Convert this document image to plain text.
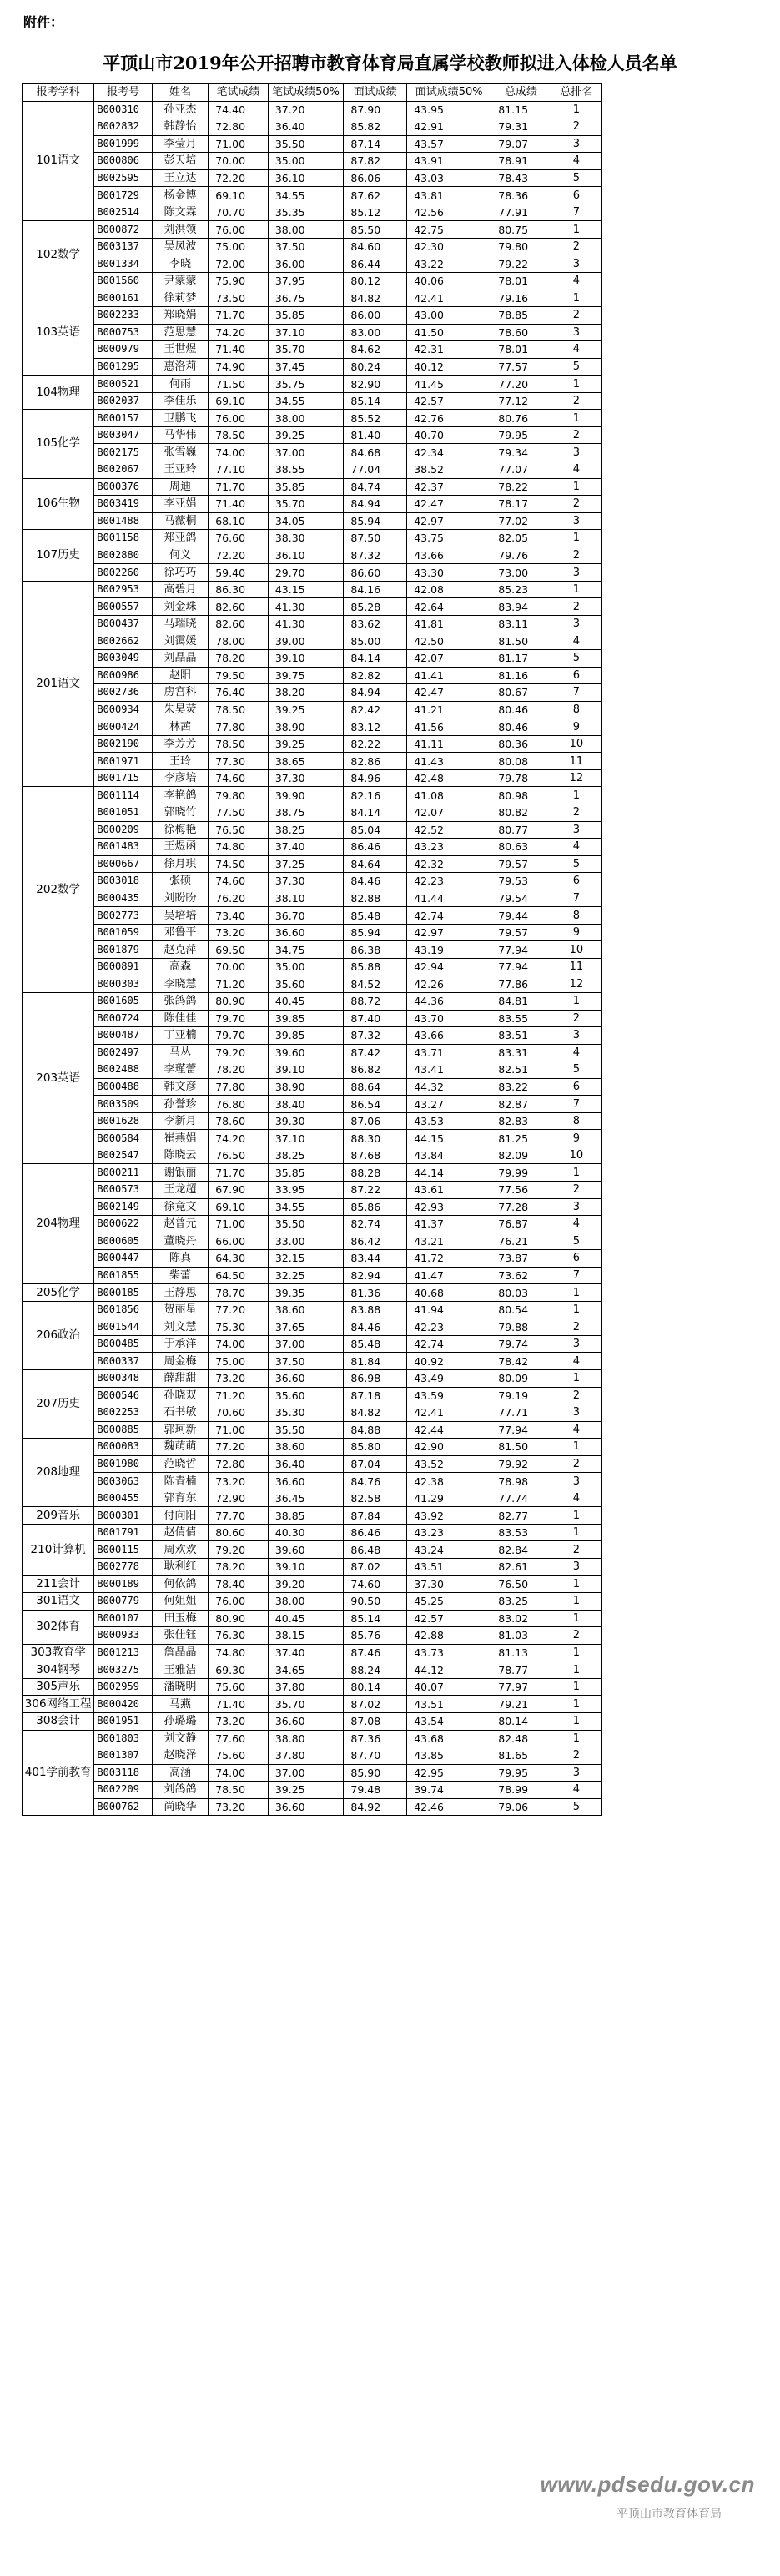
附件：
平顶山市2019年公开招聘市教育体育局直属学校教师拟进入体检人员名单
报考学科	报考号	姓名	笔试成绩	笔试成绩50%	面试成绩	面试成绩50%	总成绩	总排名
101语文	B000310	孙亚杰	74.40	37.20	87.90	43.95	81.15	1
	B002832	韩静怡	72.80	36.40	85.82	42.91	79.31	2
	B001999	李莹月	71.00	35.50	87.14	43.57	79.07	3
	B000806	彭天培	70.00	35.00	87.82	43.91	78.91	4
	B002595	王立达	72.20	36.10	86.06	43.03	78.43	5
	B001729	杨金博	69.10	34.55	87.62	43.81	78.36	6
	B002514	陈文霖	70.70	35.35	85.12	42.56	77.91	7
102数学	B000872	刘洪领	76.00	38.00	85.50	42.75	80.75	1
	B003137	吴凤波	75.00	37.50	84.60	42.30	79.80	2
	B001334	李晓	72.00	36.00	86.44	43.22	79.22	3
	B001560	尹蒙蒙	75.90	37.95	80.12	40.06	78.01	4
103英语	B000161	徐莉梦	73.50	36.75	84.82	42.41	79.16	1
	B002233	郑晓娟	71.70	35.85	86.00	43.00	78.85	2
	B000753	范思慧	74.20	37.10	83.00	41.50	78.60	3
	B000979	王世煜	71.40	35.70	84.62	42.31	78.01	4
	B001295	惠洛莉	74.90	37.45	80.24	40.12	77.57	5
104物理	B000521	何雨	71.50	35.75	82.90	41.45	77.20	1
	B002037	李佳乐	69.10	34.55	85.14	42.57	77.12	2
105化学	B000157	卫鹏飞	76.00	38.00	85.52	42.76	80.76	1
	B003047	马华伟	78.50	39.25	81.40	40.70	79.95	2
	B002175	张雪巍	74.00	37.00	84.68	42.34	79.34	3
	B002067	王亚玲	77.10	38.55	77.04	38.52	77.07	4
106生物	B000376	周迪	71.70	35.85	84.74	42.37	78.22	1
	B003419	李亚娟	71.40	35.70	84.94	42.47	78.17	2
	B001488	马薇桐	68.10	34.05	85.94	42.97	77.02	3
107历史	B001158	郑亚鸽	76.60	38.30	87.50	43.75	82.05	1
	B002880	何义	72.20	36.10	87.32	43.66	79.76	2
	B002260	徐巧巧	59.40	29.70	86.60	43.30	73.00	3
201语文	B002953	高碧月	86.30	43.15	84.16	42.08	85.23	1
	B000557	刘金珠	82.60	41.30	85.28	42.64	83.94	2
	B000437	马瑞晓	82.60	41.30	83.62	41.81	83.11	3
	B002662	刘霭媛	78.00	39.00	85.00	42.50	81.50	4
	B003049	刘晶晶	78.20	39.10	84.14	42.07	81.17	5
	B000986	赵阳	79.50	39.75	82.82	41.41	81.16	6
	B002736	房宫科	76.40	38.20	84.94	42.47	80.67	7
	B000934	朱昊荧	78.50	39.25	82.42	41.21	80.46	8
	B000424	林茜	77.80	38.90	83.12	41.56	80.46	9
	B002190	李芳芳	78.50	39.25	82.22	41.11	80.36	10
	B001971	王玲	77.30	38.65	82.86	41.43	80.08	11
	B001715	李彦培	74.60	37.30	84.96	42.48	79.78	12
202数学	B001114	李艳鸽	79.80	39.90	82.16	41.08	80.98	1
	B001051	郭晓竹	77.50	38.75	84.14	42.07	80.82	2
	B000209	徐梅艳	76.50	38.25	85.04	42.52	80.77	3
	B001483	王煜函	74.80	37.40	86.46	43.23	80.63	4
	B000667	徐月琪	74.50	37.25	84.64	42.32	79.57	5
	B003018	张硕	74.60	37.30	84.46	42.23	79.53	6
	B000435	刘盼盼	76.20	38.10	82.88	41.44	79.54	7
	B002773	吴培培	73.40	36.70	85.48	42.74	79.44	8
	B001059	邓鲁平	73.20	36.60	85.94	42.97	79.57	9
	B001879	赵克萍	69.50	34.75	86.38	43.19	77.94	10
	B000891	高森	70.00	35.00	85.88	42.94	77.94	11
	B000303	李晓慧	71.20	35.60	84.52	42.26	77.86	12
203英语	B001605	张鸽鸽	80.90	40.45	88.72	44.36	84.81	1
	B000724	陈佳佳	79.70	39.85	87.40	43.70	83.55	2
	B000487	丁亚楠	79.70	39.85	87.32	43.66	83.51	3
	B002497	马丛	79.20	39.60	87.42	43.71	83.31	4
	B002488	李瑾蕾	78.20	39.10	86.82	43.41	82.51	5
	B000488	韩文彦	77.80	38.90	88.64	44.32	83.22	6
	B003509	孙誉珍	76.80	38.40	86.54	43.27	82.87	7
	B001628	李新月	78.60	39.30	87.06	43.53	82.83	8
	B000584	崔燕娟	74.20	37.10	88.30	44.15	81.25	9
	B002547	陈晓云	76.50	38.25	87.68	43.84	82.09	10
204物理	B000211	谢银丽	71.70	35.85	88.28	44.14	79.99	1
	B000573	王龙超	67.90	33.95	87.22	43.61	77.56	2
	B002149	徐竟文	69.10	34.55	85.86	42.93	77.28	3
	B000622	赵普元	71.00	35.50	82.74	41.37	76.87	4
	B000605	董晓丹	66.00	33.00	86.42	43.21	76.21	5
	B000447	陈真	64.30	32.15	83.44	41.72	73.87	6
	B001855	柴蕾	64.50	32.25	82.94	41.47	73.62	7
205化学	B000185	王静思	78.70	39.35	81.36	40.68	80.03	1
206政治	B001856	贺丽星	77.20	38.60	83.88	41.94	80.54	1
	B001544	刘文慧	75.30	37.65	84.46	42.23	79.88	2
	B000485	于承洋	74.00	37.00	85.48	42.74	79.74	3
	B000337	周金梅	75.00	37.50	81.84	40.92	78.42	4
207历史	B000348	薛甜甜	73.20	36.60	86.98	43.49	80.09	1
	B000546	孙晓双	71.20	35.60	87.18	43.59	79.19	2
	B002253	石书敏	70.60	35.30	84.82	42.41	77.71	3
	B000885	郭珂新	71.00	35.50	84.88	42.44	77.94	4
208地理	B000083	魏萌萌	77.20	38.60	85.80	42.90	81.50	1
	B001980	范晓哲	72.80	36.40	87.04	43.52	79.92	2
	B003063	陈青楠	73.20	36.60	84.76	42.38	78.98	3
	B000455	郭育东	72.90	36.45	82.58	41.29	77.74	4
209音乐	B000301	付向阳	77.70	38.85	87.84	43.92	82.77	1
210计算机	B001791	赵倩倩	80.60	40.30	86.46	43.23	83.53	1
	B000115	周欢欢	79.20	39.60	86.48	43.24	82.84	2
	B002778	耿利红	78.20	39.10	87.02	43.51	82.61	3
211会计	B000189	何依鸽	78.40	39.20	74.60	37.30	76.50	1
301语文	B000779	何姐姐	76.00	38.00	90.50	45.25	83.25	1
302体育	B000107	田玉梅	80.90	40.45	85.14	42.57	83.02	1
	B000933	张佳钰	76.30	38.15	85.76	42.88	81.03	2
303教育学	B001213	詹晶晶	74.80	37.40	87.46	43.73	81.13	1
304钢琴	B003275	王雅洁	69.30	34.65	88.24	44.12	78.77	1
305声乐	B002959	潘晓明	75.60	37.80	80.14	40.07	77.97	1
306网络工程	B000420	马燕	71.40	35.70	87.02	43.51	79.21	1
308会计	B001951	孙璐璐	73.20	36.60	87.08	43.54	80.14	1
401学前教育	B001803	刘文静	77.60	38.80	87.36	43.68	82.48	1
	B001307	赵晓泽	75.60	37.80	87.70	43.85	81.65	2
	B003118	高涵	74.00	37.00	85.90	42.95	79.95	3
	B002209	刘鸽鸽	78.50	39.25	79.48	39.74	78.99	4
	B000762	尚晓华	73.20	36.60	84.92	42.46	79.06	5
www.pdsedu.gov.cn
平顶山市教育体育局
